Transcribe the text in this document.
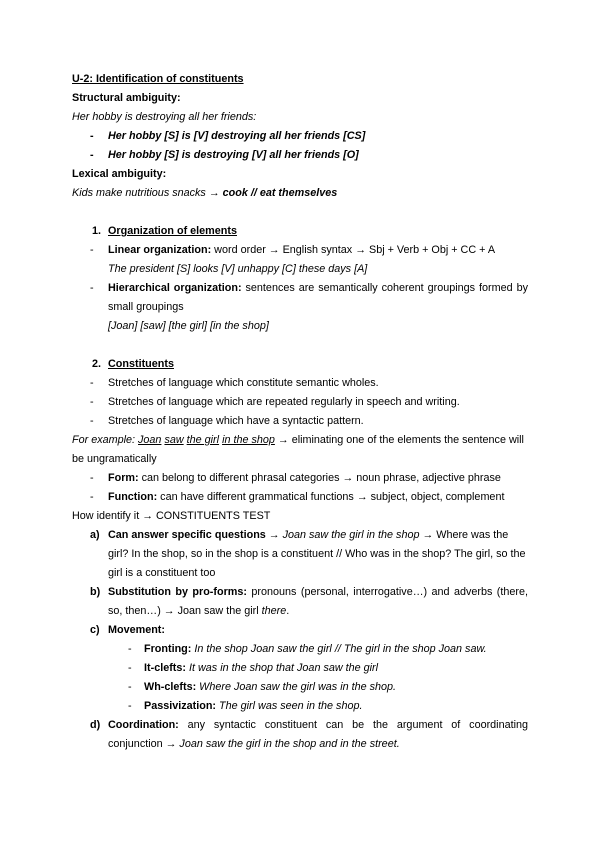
U-2: Identification of constituents
Structural ambiguity:
Her hobby is destroying all her friends:
-	Her hobby [S] is [V] destroying all her friends [CS]
-	Her hobby [S] is destroying [V] all her friends [O]
Lexical ambiguity:
Kids make nutritious snacks → cook // eat themselves
1. Organization of elements
-	Linear organization: word order → English syntax → Sbj + Verb + Obj + CC + A
The president [S] looks [V] unhappy [C] these days [A]
-	Hierarchical organization: sentences are semantically coherent groupings formed by small groupings
[Joan] [saw] [the girl] [in the shop]
2. Constituents
-	Stretches of language which constitute semantic wholes.
-	Stretches of language which are repeated regularly in speech and writing.
-	Stretches of language which have a syntactic pattern.
For example: Joan saw the girl in the shop → eliminating one of the elements the sentence will be ungramatically
-	Form: can belong to different phrasal categories → noun phrase, adjective phrase
-	Function: can have different grammatical functions → subject, object, complement
How identify it → CONSTITUENTS TEST
a) Can answer specific questions → Joan saw the girl in the shop → Where was the girl? In the shop, so in the shop is a constituent // Who was in the shop? The girl, so the girl is a constituent too
b) Substitution by pro-forms: pronouns (personal, interrogative…) and adverbs (there, so, then…) → Joan saw the girl there.
c) Movement:
-	Fronting: In the shop Joan saw the girl // The girl in the shop Joan saw.
-	It-clefts: It was in the shop that Joan saw the girl
-	Wh-clefts: Where Joan saw the girl was in the shop.
-	Passivization: The girl was seen in the shop.
d) Coordination: any syntactic constituent can be the argument of coordinating conjunction → Joan saw the girl in the shop and in the street.
